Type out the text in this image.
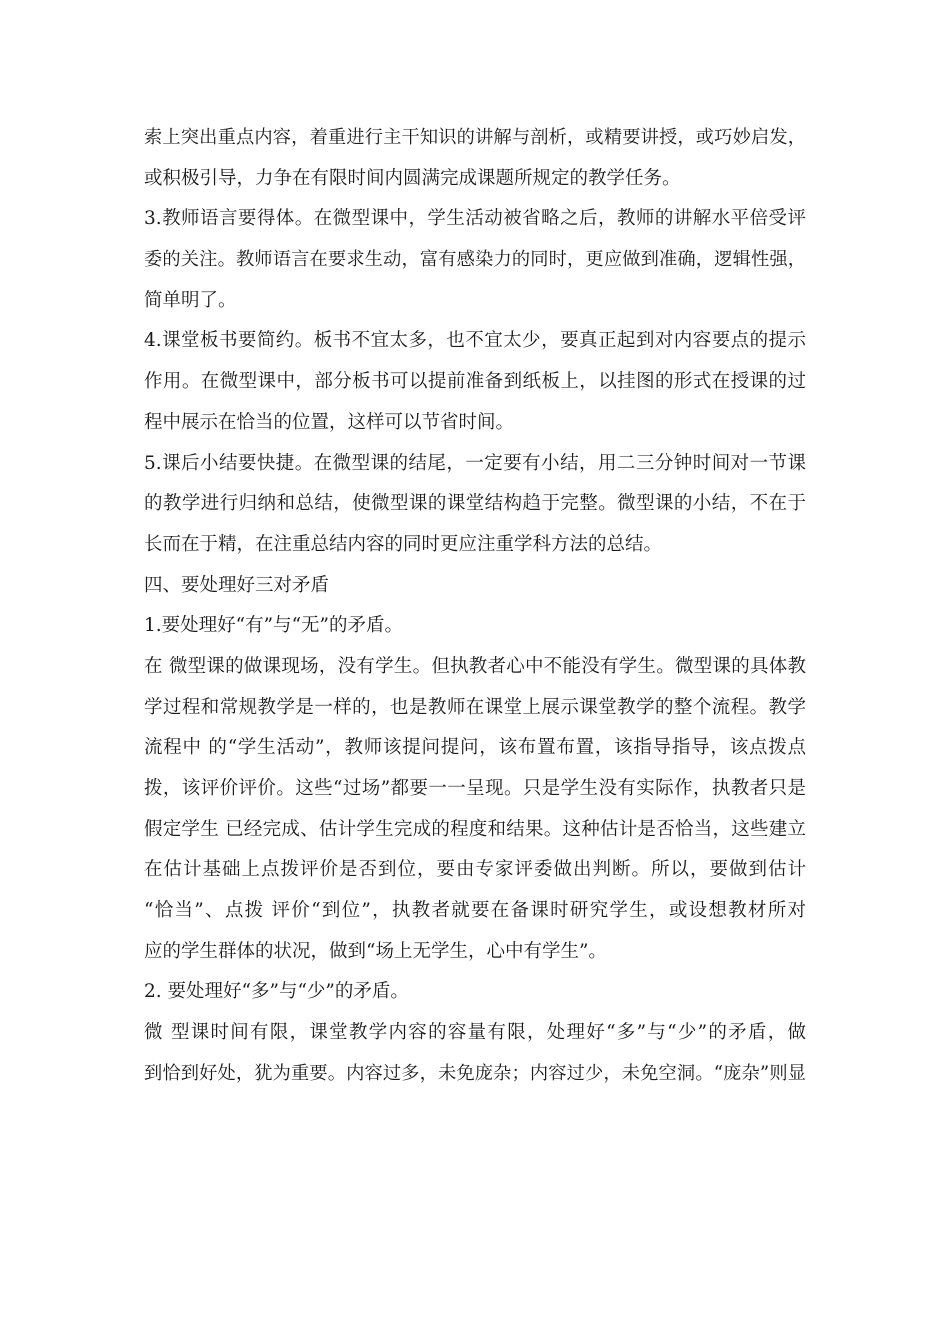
索上突出重点内容，着重进行主干知识的讲解与剖析，或精要讲授，或巧妙启发，
或积极引导，力争在有限时间内圆满完成课题所规定的教学任务。
3.教师语言要得体。在微型课中，学生活动被省略之后，教师的讲解水平倍受评
委的关注。教师语言在要求生动，富有感染力的同时，更应做到准确，逻辑性强，
简单明了。
4.课堂板书要简约。板书不宜太多，也不宜太少，要真正起到对内容要点的提示
作用。在微型课中，部分板书可以提前准备到纸板上，以挂图的形式在授课的过
程中展示在恰当的位置，这样可以节省时间。
5.课后小结要快捷。在微型课的结尾，一定要有小结，用二三分钟时间对一节课
的教学进行归纳和总结，使微型课的课堂结构趋于完整。微型课的小结，不在于
长而在于精，在注重总结内容的同时更应注重学科方法的总结。
四、要处理好三对矛盾
1.要处理好“有”与“无”的矛盾。
在 微型课的做课现场，没有学生。但执教者心中不能没有学生。微型课的具体教
学过程和常规教学是一样的，也是教师在课堂上展示课堂教学的整个流程。教学
流程中 的“学生活动”，教师该提问提问，该布置布置，该指导指导，该点拨点
拨，该评价评价。这些“过场”都要一一呈现。只是学生没有实际作，执教者只是
假定学生 已经完成、估计学生完成的程度和结果。这种估计是否恰当，这些建立
在估计基础上点拨评价是否到位，要由专家评委做出判断。所以，要做到估计
“恰当”、点拨 评价“到位”，执教者就要在备课时研究学生，或设想教材所对
应的学生群体的状况，做到“场上无学生，心中有学生”。
2. 要处理好“多”与“少”的矛盾。
微 型课时间有限，课堂教学内容的容量有限，处理好“多”与“少”的矛盾，做
到恰到好处，犹为重要。内容过多，未免庞杂；内容过少，未免空洞。“庞杂”则显
